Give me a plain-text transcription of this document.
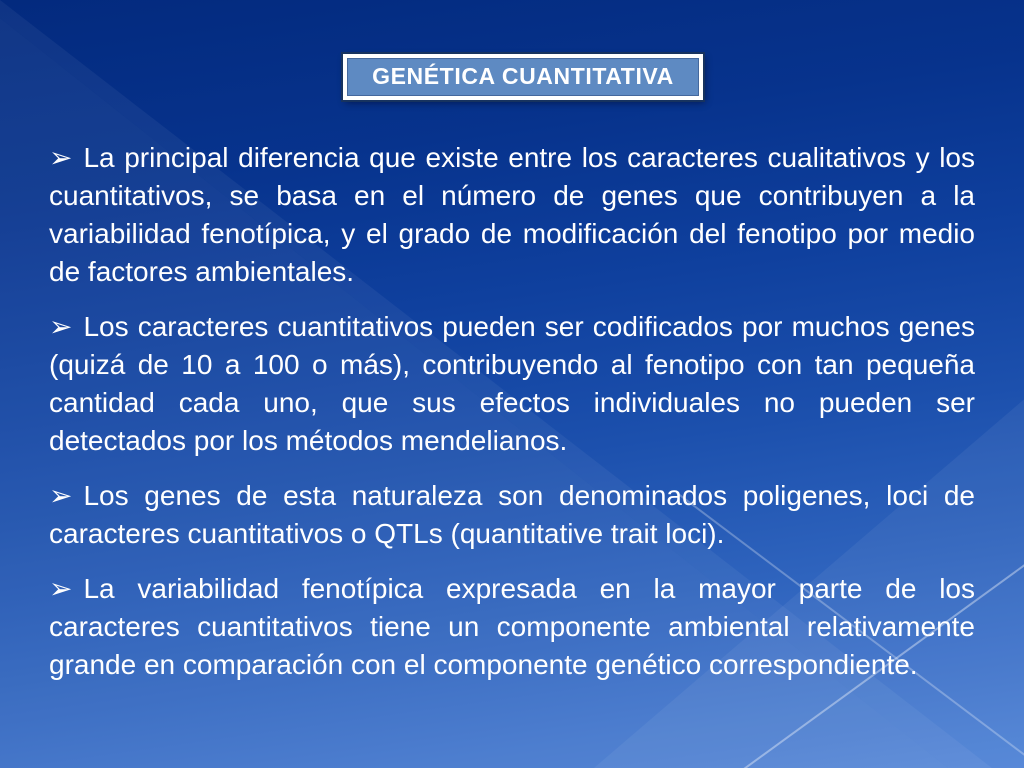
GENÉTICA CUANTITATIVA

➢ La principal diferencia que existe entre los caracteres cualitativos y los cuantitativos, se basa en el número de genes que contribuyen a la variabilidad fenotípica, y el grado de modificación del fenotipo por medio de factores ambientales.

➢ Los caracteres cuantitativos pueden ser codificados por muchos genes (quizá de 10 a 100 o más), contribuyendo al fenotipo con tan pequeña cantidad cada uno, que sus efectos individuales no pueden ser detectados por los métodos mendelianos.

➢ Los genes de esta naturaleza son denominados poligenes, loci de caracteres cuantitativos o QTLs (quantitative trait loci).

➢ La variabilidad fenotípica expresada en la mayor parte de los caracteres cuantitativos tiene un componente ambiental relativamente grande en comparación con el componente genético correspondiente.
